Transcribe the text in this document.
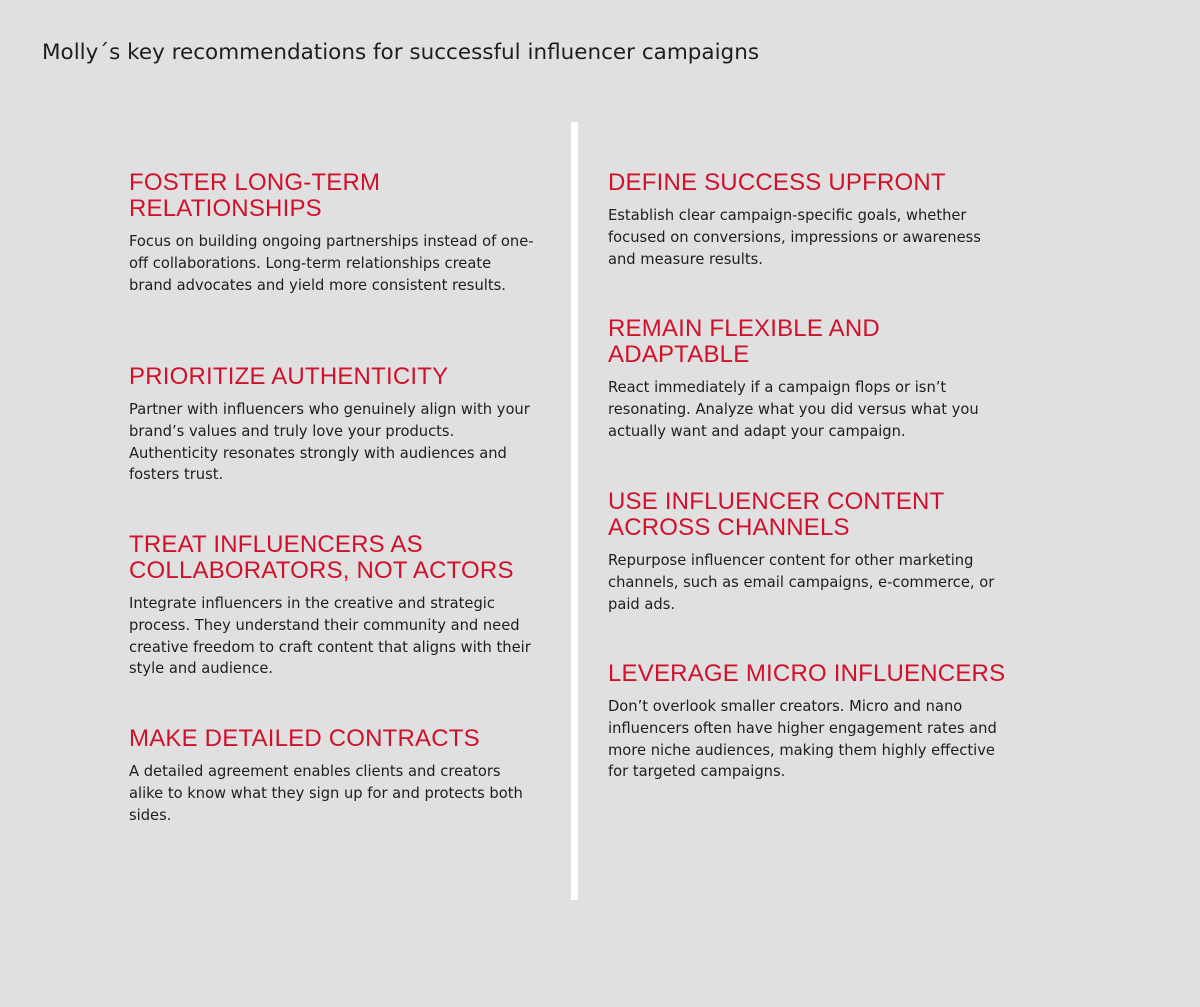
Molly´s key recommendations for successful influencer campaigns
FOSTER LONG-TERM RELATIONSHIPS

Focus on building ongoing partnerships instead of one-off collaborations. Long-term relationships create brand advocates and yield more consistent results.

PRIORITIZE AUTHENTICITY

Partner with influencers who genuinely align with your brand’s values and truly love your products. Authenticity resonates strongly with audiences and fosters trust.

TREAT INFLUENCERS AS COLLABORATORS, NOT ACTORS

Integrate influencers in the creative and strategic process. They understand their community and need creative freedom to craft content that aligns with their style and audience.

MAKE DETAILED CONTRACTS

A detailed agreement enables clients and creators alike to know what they sign up for and protects both sides.

DEFINE SUCCESS UPFRONT

Establish clear campaign-specific goals, whether focused on conversions, impressions or awareness and measure results.

REMAIN FLEXIBLE AND ADAPTABLE

React immediately if a campaign flops or isn’t resonating. Analyze what you did versus what you actually want and adapt your campaign.

USE INFLUENCER CONTENT ACROSS CHANNELS

Repurpose influencer content for other marketing channels, such as email campaigns, e-commerce, or paid ads.

LEVERAGE MICRO INFLUENCERS

Don’t overlook smaller creators. Micro and nano influencers often have higher engagement rates and more niche audiences, making them highly effective for targeted campaigns.
